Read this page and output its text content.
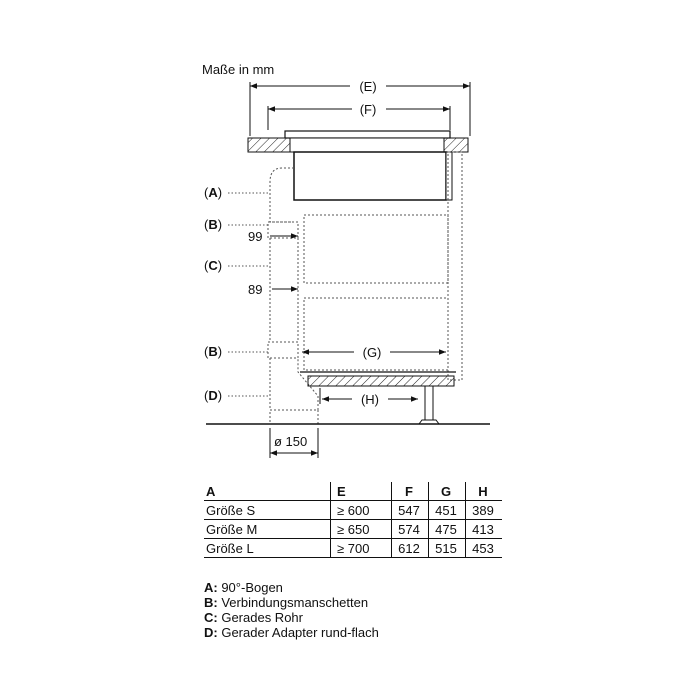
Maße in mm
(E)
(F)
99
89
(G)
(H)
ø 150
(A)
(B)
(C)
(B)
(D)
A	E	F	G	H
Größe S	≥ 600	547	451	389
Größe M	≥ 650	574	475	413
Größe L	≥ 700	612	515	453
A: 90°-Bogen
B: Verbindungsmanschetten
C: Gerades Rohr
D: Gerader Adapter rund-flach
